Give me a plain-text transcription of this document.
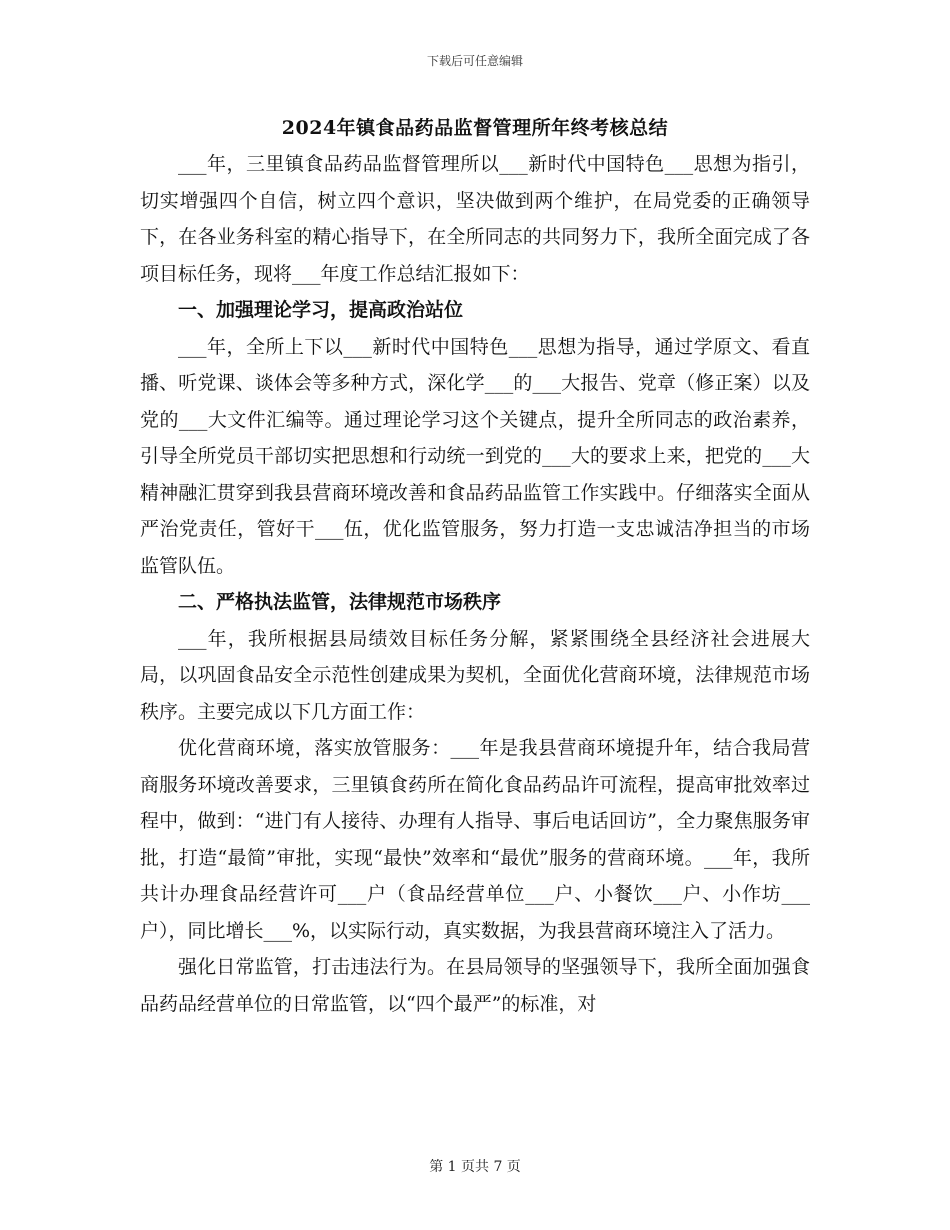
下载后可任意编辑
2024年镇食品药品监督管理所年终考核总结

___年，三里镇食品药品监督管理所以___新时代中国特色___思想为指引，切实增强四个自信，树立四个意识，坚决做到两个维护，在局党委的正确领导下，在各业务科室的精心指导下，在全所同志的共同努力下，我所全面完成了各项目标任务，现将___年度工作总结汇报如下：

一、加强理论学习，提高政治站位

___年，全所上下以___新时代中国特色___思想为指导，通过学原文、看直播、听党课、谈体会等多种方式，深化学___的___大报告、党章（修正案）以及党的___大文件汇编等。通过理论学习这个关键点，提升全所同志的政治素养，引导全所党员干部切实把思想和行动统一到党的___大的要求上来，把党的___大精神融汇贯穿到我县营商环境改善和食品药品监管工作实践中。仔细落实全面从严治党责任，管好干___伍，优化监管服务，努力打造一支忠诚洁净担当的市场监管队伍。

二、严格执法监管，法律规范市场秩序

___年，我所根据县局绩效目标任务分解，紧紧围绕全县经济社会进展大局，以巩固食品安全示范性创建成果为契机，全面优化营商环境，法律规范市场秩序。主要完成以下几方面工作：

优化营商环境，落实放管服务：___年是我县营商环境提升年，结合我局营商服务环境改善要求，三里镇食药所在简化食品药品许可流程，提高审批效率过程中，做到：“进门有人接待、办理有人指导、事后电话回访”，全力聚焦服务审批，打造“最简”审批，实现“最快”效率和“最优”服务的营商环境。___年，我所共计办理食品经营许可___户（食品经营单位___户、小餐饮___户、小作坊___户），同比增长___%，以实际行动，真实数据，为我县营商环境注入了活力。

强化日常监管，打击违法行为。在县局领导的坚强领导下，我所全面加强食品药品经营单位的日常监管，以“四个最严”的标准，对

第 1 页共 7 页
